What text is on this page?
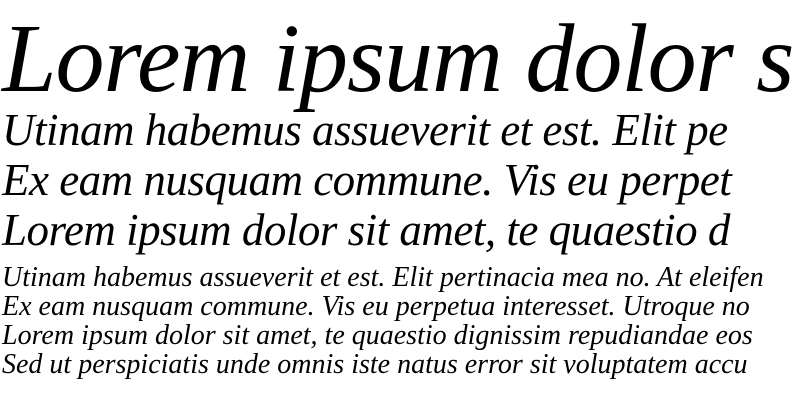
Lorem ipsum dolor s
Utinam habemus assueverit et est. Elit pe
Ex eam nusquam commune. Vis eu perpet
Lorem ipsum dolor sit amet, te quaestio d
Utinam habemus assueverit et est. Elit pertinacia mea no. At eleifen
Ex eam nusquam commune. Vis eu perpetua interesset. Utroque no
Lorem ipsum dolor sit amet, te quaestio dignissim repudiandae eos
Sed ut perspiciatis unde omnis iste natus error sit voluptatem accu
